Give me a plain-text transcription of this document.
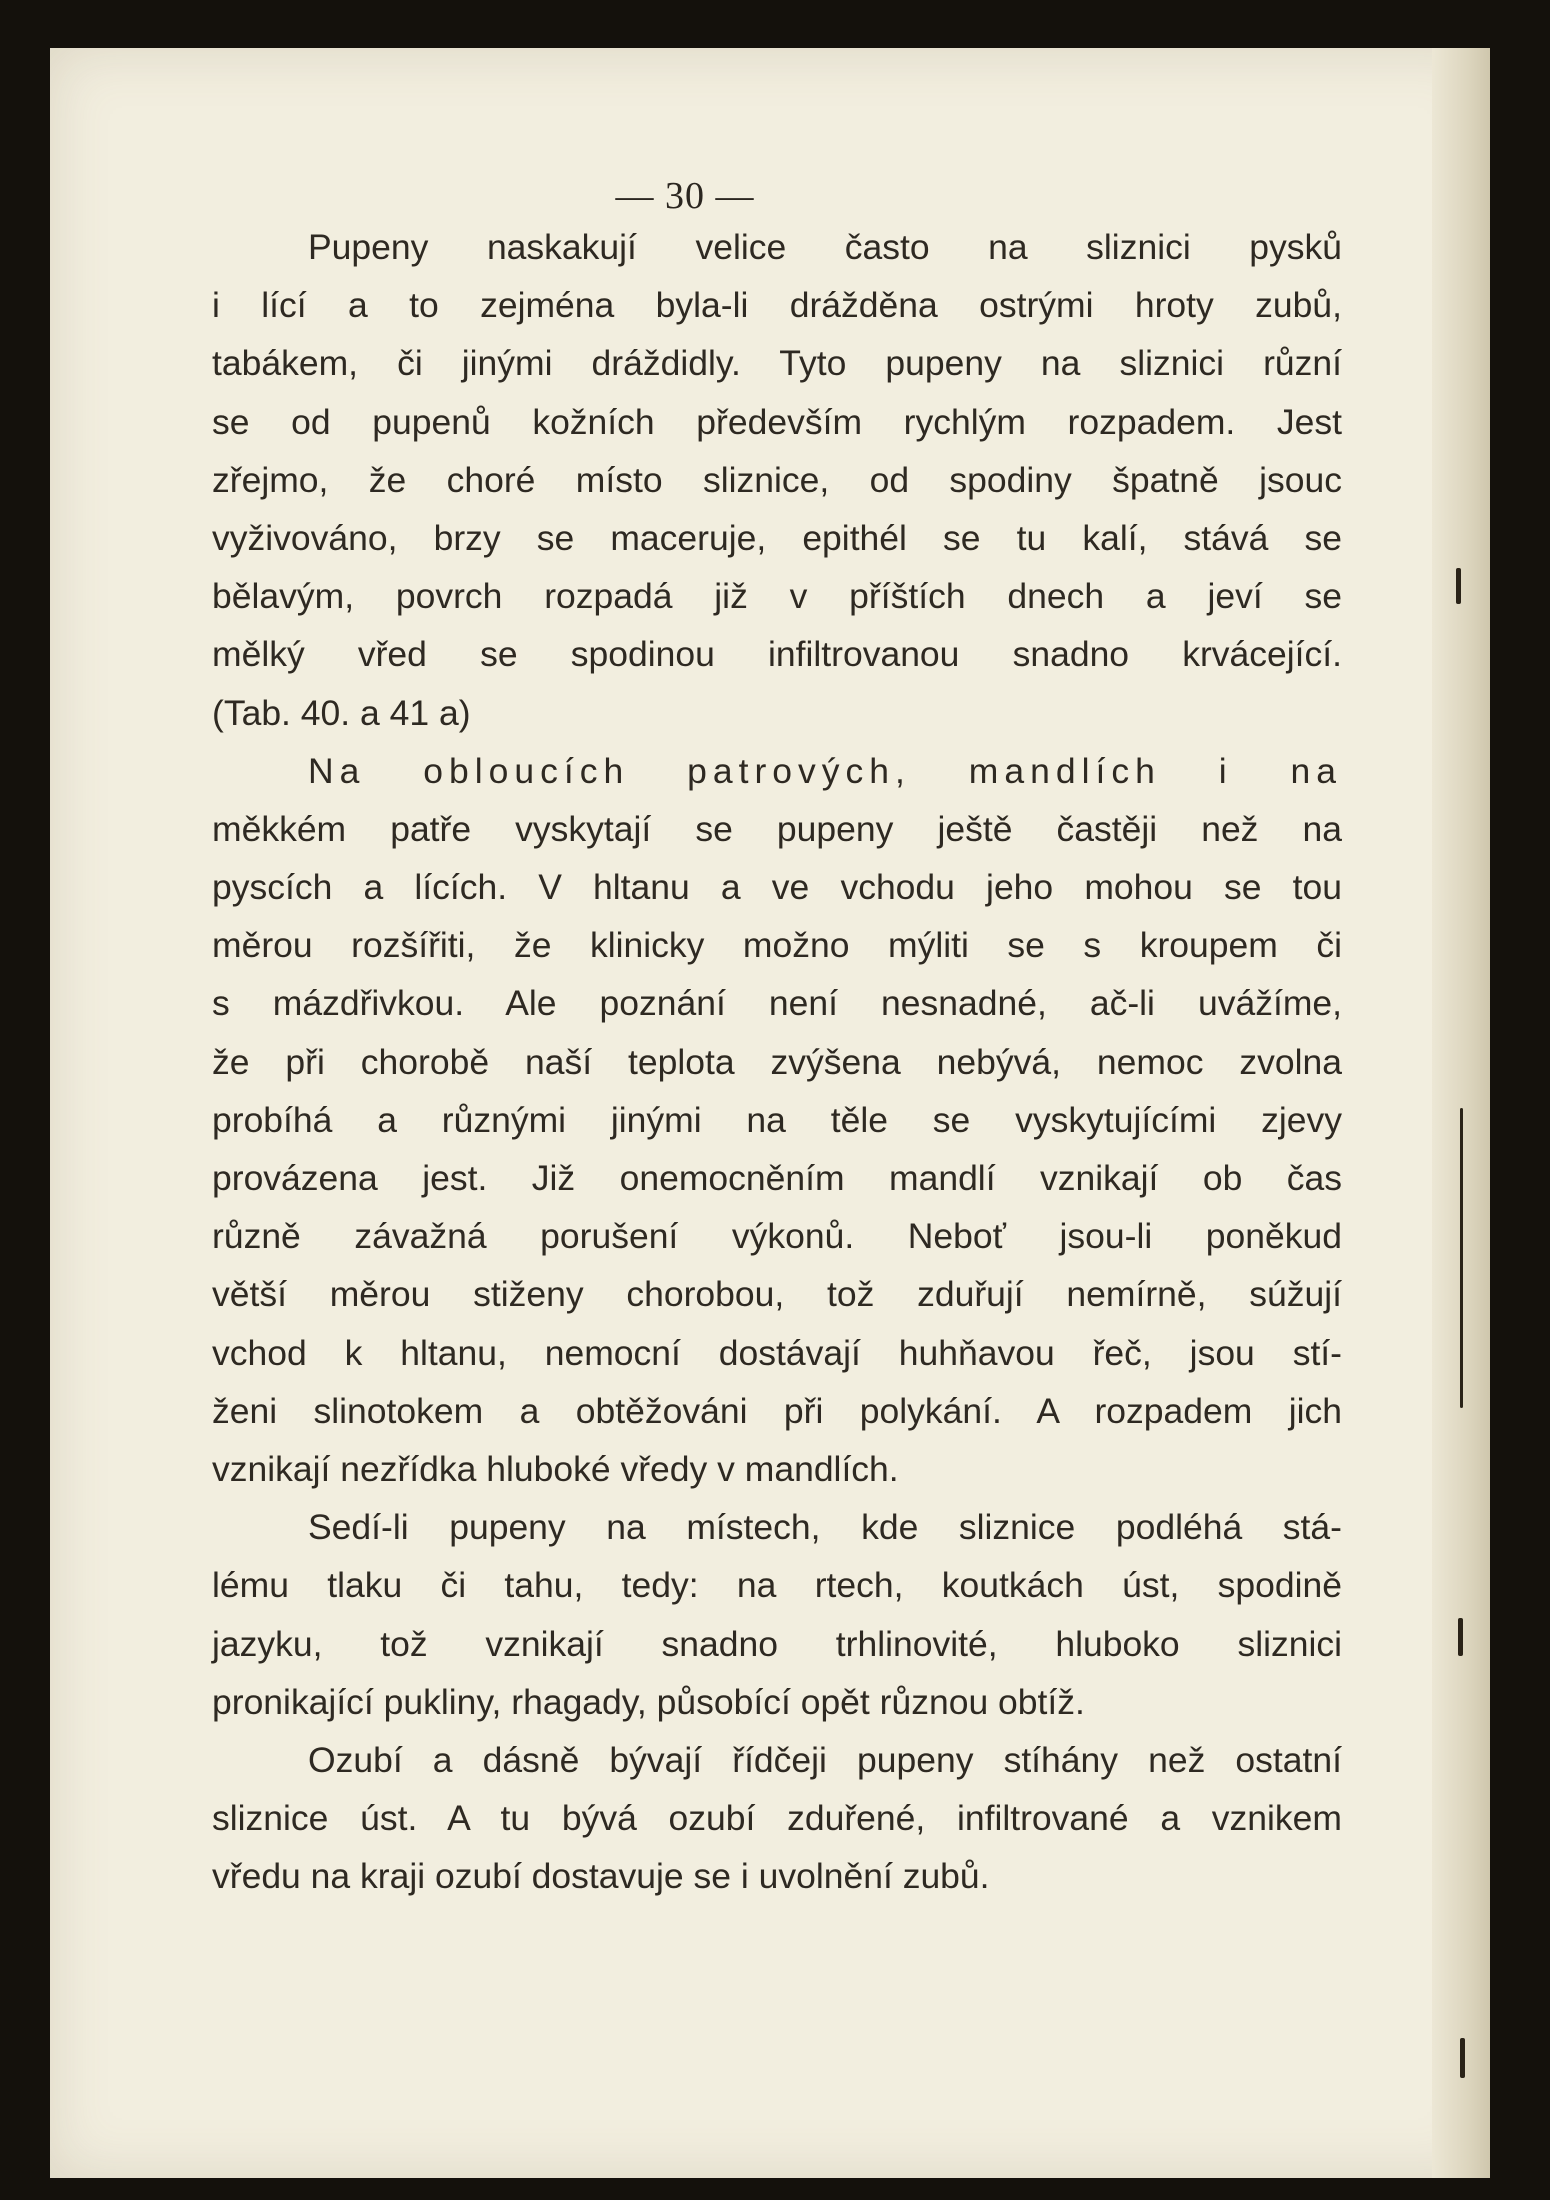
— 30 —
Pupeny naskakují velice často na sliznici pysků
i lící a to zejména byla-li drážděna ostrými hroty zubů,
tabákem, či jinými dráždidly. Tyto pupeny na sliznici různí
se od pupenů kožních především rychlým rozpadem. Jest
zřejmo, že choré místo sliznice, od spodiny špatně jsouc
vyživováno, brzy se maceruje, epithél se tu kalí, stává se
bělavým, povrch rozpadá již v příštích dnech a jeví se
mělký vřed se spodinou infiltrovanou snadno krvácející.
(Tab. 40. a 41 a)
Na obloucích patrových, mandlích i na
měkkém patře vyskytají se pupeny ještě častěji než na
pyscích a lících. V hltanu a ve vchodu jeho mohou se tou
měrou rozšířiti, že klinicky možno mýliti se s kroupem či
s mázdřivkou. Ale poznání není nesnadné, ač-li uvážíme,
že při chorobě naší teplota zvýšena nebývá, nemoc zvolna
probíhá a různými jinými na těle se vyskytujícími zjevy
provázena jest. Již onemocněním mandlí vznikají ob čas
různě závažná porušení výkonů. Neboť jsou-li poněkud
větší měrou stiženy chorobou, tož zduřují nemírně, súžují
vchod k hltanu, nemocní dostávají huhňavou řeč, jsou stí-
ženi slinotokem a obtěžováni při polykání. A rozpadem jich
vznikají nezřídka hluboké vředy v mandlích.
Sedí-li pupeny na místech, kde sliznice podléhá stá-
lému tlaku či tahu, tedy: na rtech, koutkách úst, spodině
jazyku, tož vznikají snadno trhlinovité, hluboko sliznici
pronikající pukliny, rhagady, působící opět různou obtíž.
Ozubí a dásně bývají řídčeji pupeny stíhány než ostatní
sliznice úst. A tu bývá ozubí zduřené, infiltrované a vznikem
vředu na kraji ozubí dostavuje se i uvolnění zubů.
